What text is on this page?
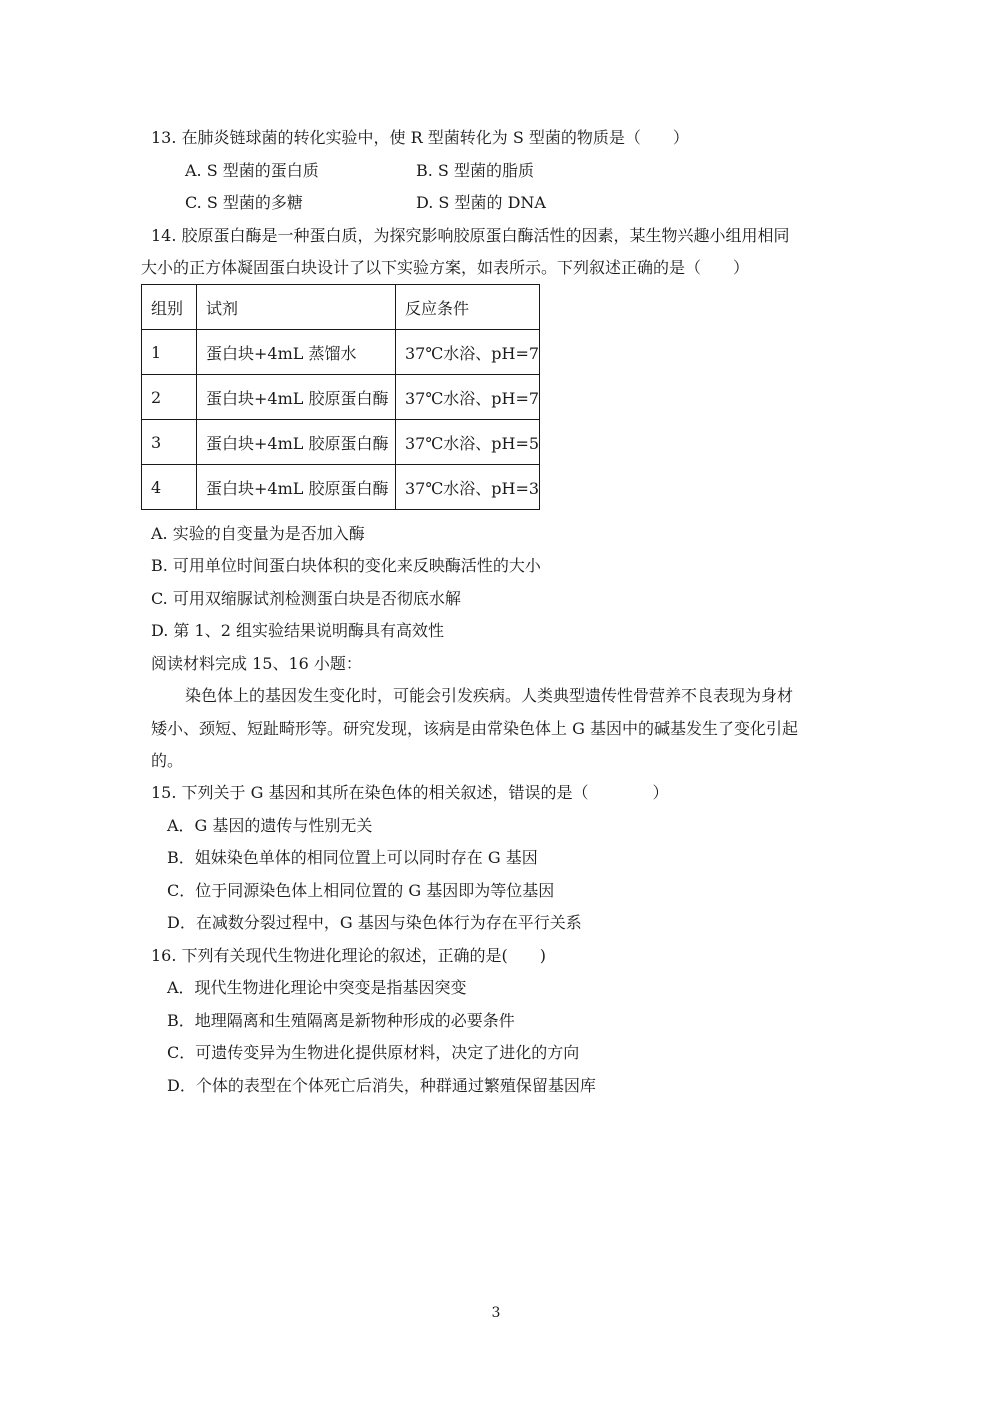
13. 在肺炎链球菌的转化实验中，使 R 型菌转化为 S 型菌的物质是（　　）
A. S 型菌的蛋白质	B. S 型菌的脂质
C. S 型菌的多糖	D. S 型菌的 DNA
14. 胶原蛋白酶是一种蛋白质，为探究影响胶原蛋白酶活性的因素，某生物兴趣小组用相同
大小的正方体凝固蛋白块设计了以下实验方案，如表所示。下列叙述正确的是（　　）
组别	试剂	反应条件
1	蛋白块+4mL 蒸馏水	37℃水浴、pH=7
2	蛋白块+4mL 胶原蛋白酶	37℃水浴、pH=7
3	蛋白块+4mL 胶原蛋白酶	37℃水浴、pH=5
4	蛋白块+4mL 胶原蛋白酶	37℃水浴、pH=3
A. 实验的自变量为是否加入酶
B. 可用单位时间蛋白块体积的变化来反映酶活性的大小
C. 可用双缩脲试剂检测蛋白块是否彻底水解
D. 第 1、2 组实验结果说明酶具有高效性
阅读材料完成 15、16 小题：
染色体上的基因发生变化时，可能会引发疾病。人类典型遗传性骨营养不良表现为身材
矮小、颈短、短趾畸形等。研究发现，该病是由常染色体上 G 基因中的碱基发生了变化引起
的。
15. 下列关于 G 基因和其所在染色体的相关叙述，错误的是（　　　　）
A．G 基因的遗传与性别无关
B．姐妹染色单体的相同位置上可以同时存在 G 基因
C．位于同源染色体上相同位置的 G 基因即为等位基因
D．在减数分裂过程中，G 基因与染色体行为存在平行关系
16. 下列有关现代生物进化理论的叙述，正确的是(　　)
A．现代生物进化理论中突变是指基因突变
B．地理隔离和生殖隔离是新物种形成的必要条件
C．可遗传变异为生物进化提供原材料，决定了进化的方向
D．个体的表型在个体死亡后消失，种群通过繁殖保留基因库
3
